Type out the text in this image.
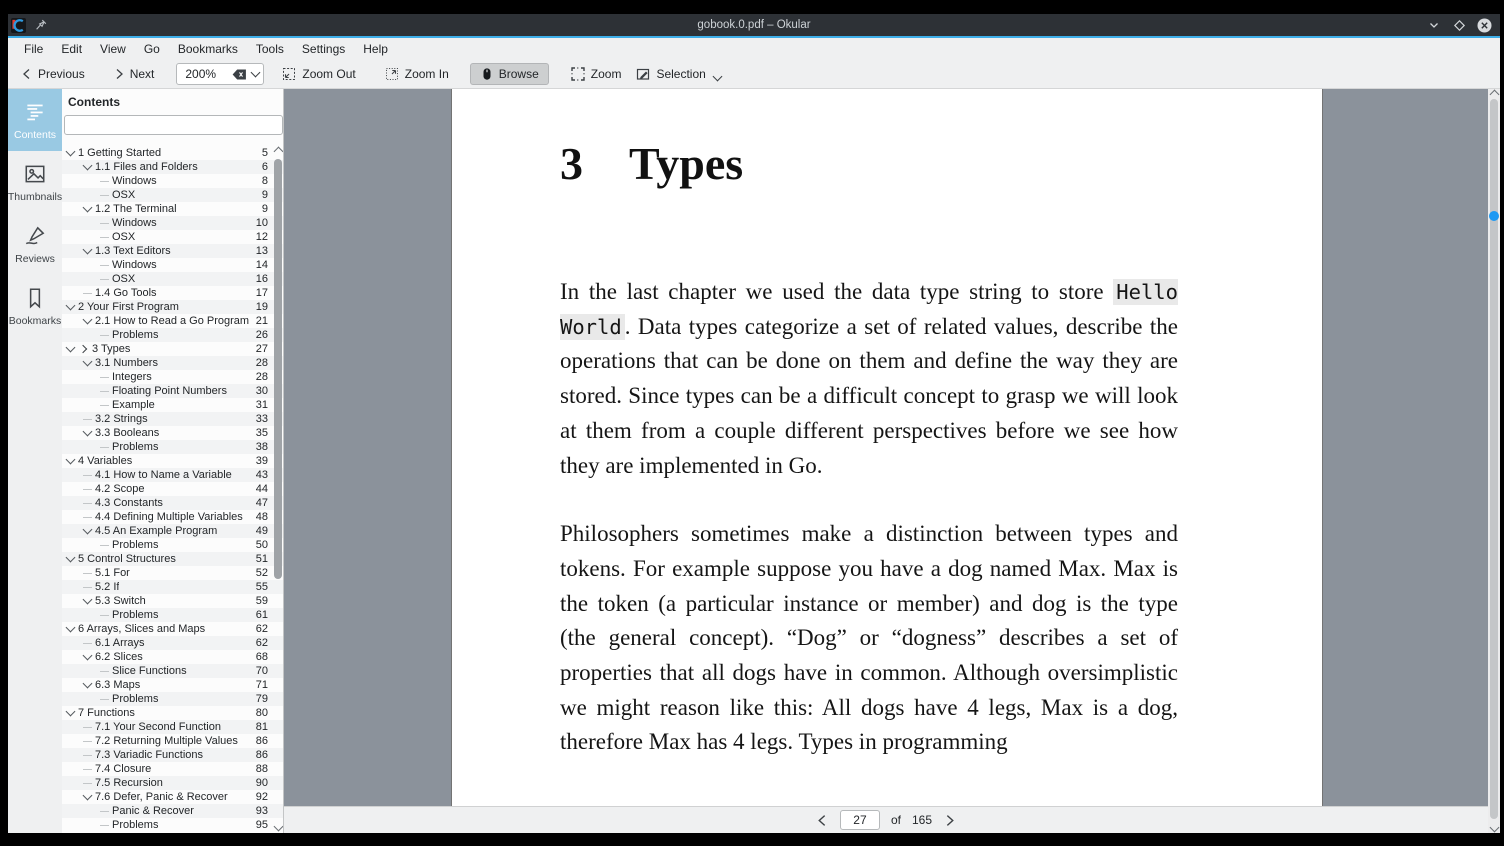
gobook.0.pdf – Okular
File	Edit	View	Go	Bookmarks	Tools	Settings	Help
Previous	Next	200%	Zoom Out	Zoom In	Browse	Zoom	Selection
Contents
Thumbnails
Reviews
Bookmarks
Contents
1 Getting Started	5
1.1 Files and Folders	6
Windows	8
OSX	9
1.2 The Terminal	9
Windows	10
OSX	12
1.3 Text Editors	13
Windows	14
OSX	16
1.4 Go Tools	17
2 Your First Program	19
2.1 How to Read a Go Program 21
Problems	26
3 Types	27
3.1 Numbers	28
Integers	28
Floating Point Numbers	30
Example	31
3.2 Strings	33
3.3 Booleans	35
Problems	38
4 Variables	39
4.1 How to Name a Variable 43
4.2 Scope	44
4.3 Constants	47
4.4 Defining Multiple Variables 48
4.5 An Example Program	49
Problems	50
5 Control Structures	51
5.1 For	52
5.2 If	55
5.3 Switch	59
Problems	61
6 Arrays, Slices and Maps	62
6.1 Arrays	62
6.2 Slices	68
Slice Functions	70
6.3 Maps	71
Problems	79
7 Functions	80
7.1 Your Second Function	81
7.2 Returning Multiple Values 86
7.3 Variadic Functions	86
7.4 Closure	88
7.5 Recursion	90
7.6 Defer, Panic & Recover	92
Panic & Recover	93
Problems	95
3 Types

In the last chapter we used the data type string to store Hello World . Data types categorize a set of related values, describe the operations that can be done on them and define the way they are stored. Since types can be a difficult concept to grasp we will look at them from a couple different perspectives before we see how they are implemented in Go.

Philosophers sometimes make a distinction between types and tokens. For example suppose you have a dog named Max. Max is the token (a particular instance or member) and dog is the type (the general concept). “Dog” or “dogness” describes a set of properties that all dogs have in common. Although oversimplistic we might reason like this: All dogs have 4 legs, Max is a dog, therefore Max has 4 legs. Types in programming

27	of 165
